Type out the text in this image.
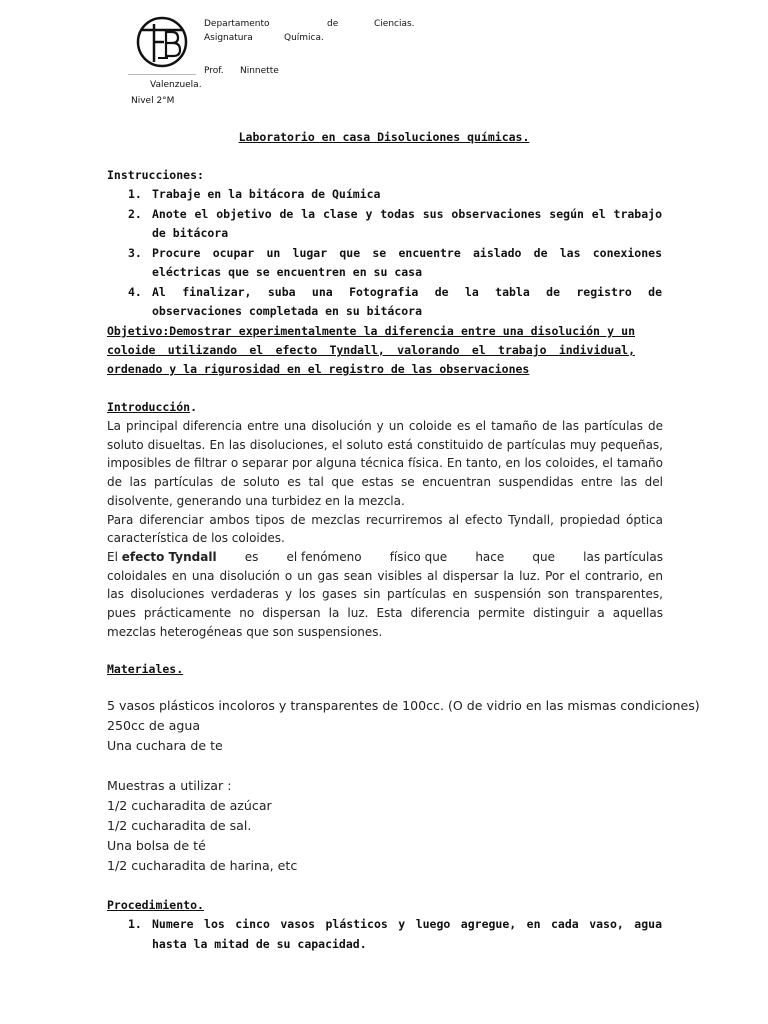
Departamento	de	Ciencias.
Asignatura	Química.
Prof. Ninnette
Valenzuela.
Nivel 2°M
Laboratorio en casa Disoluciones químicas.
Instrucciones:
1. Trabaje en la bitácora de Química
2. Anote el objetivo de la clase y todas sus observaciones según el trabajo de bitácora
3. Procure ocupar un lugar que se encuentre aislado de las conexiones eléctricas que se encuentren en su casa
4. Al finalizar, suba una Fotografia de la tabla de registro de observaciones completada en su bitácora
Objetivo:Demostrar experimentalmente la diferencia entre una disolución y un coloide utilizando el efecto Tyndall, valorando el trabajo individual, ordenado y la rigurosidad en el registro de las observaciones
Introducción.

La principal diferencia entre una disolución y un coloide es el tamaño de las partículas de soluto disueltas. En las disoluciones, el soluto está constituido de partículas muy pequeñas, imposibles de filtrar o separar por alguna técnica física. En tanto, en los coloides, el tamaño de las partículas de soluto es tal que estas se encuentran suspendidas entre las del disolvente, generando una turbidez en la mezcla.

Para diferenciar ambos tipos de mezclas recurriremos al efecto Tyndall, propiedad óptica característica de los coloides.

El efecto Tyndall es el fenómeno físico que hace que las partículas

coloidales en una disolución o un gas sean visibles al dispersar la luz. Por el contrario, en las disoluciones verdaderas y los gases sin partículas en suspensión son transparentes, pues prácticamente no dispersan la luz. Esta diferencia permite distinguir a aquellas mezclas heterogéneas que son suspensiones.

Materiales.
5 vasos plásticos incoloros y transparentes de 100cc. (O de vidrio en las mismas condiciones)
250cc de agua
Una cuchara de te
Muestras a utilizar :
1/2 cucharadita de azúcar
1/2 cucharadita de sal.
Una bolsa de té
1/2 cucharadita de harina, etc
Procedimiento.
1. Numere los cinco vasos plásticos y luego agregue, en cada vaso, agua hasta la mitad de su capacidad.
